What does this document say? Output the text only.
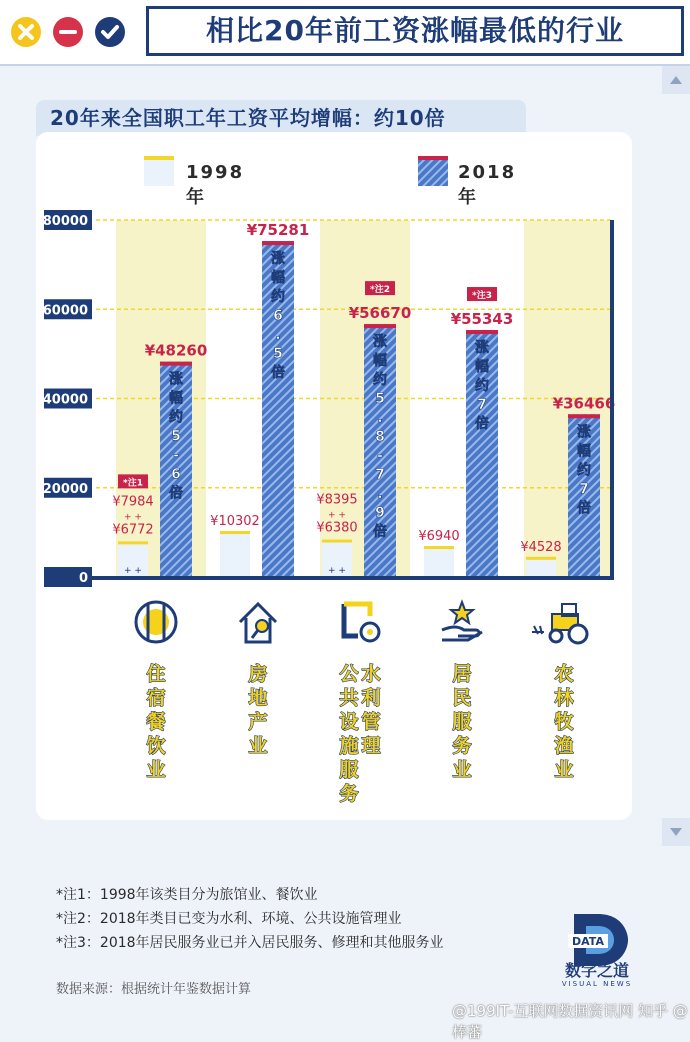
相比20年前工资涨幅最低的行业
20年来全国职工年工资平均增幅：约10倍
1998年
2018年
¥48260
涨
幅
约
5
-
6
倍
*注1
¥7984
+ +
¥6772
+ +
住
宿
餐
饮
业
¥75281
涨
幅
约
6
.
5
倍
¥10302
房
地
产
业
¥56670
涨
幅
约
5
.
8
-
7
.
9
倍
*注2
¥8395
+ +
¥6380
+ +
公
共
设
施
服
务
水
利
管
理
¥55343
涨
幅
约
7
倍
*注3
¥6940
居
民
服
务
业
¥36466
涨
幅
约
7
倍
¥4528
农
林
牧
渔
业
0
20000
40000
60000
80000
*注1：1998年该类目分为旅馆业、餐饮业
*注2：2018年类目已变为水利、环境、公共设施管理业
*注3：2018年居民服务业已并入居民服务、修理和其他服务业
数据来源：根据统计年鉴数据计算
DATA
数字之道
VISUAL NEWS
@199IT-互联网数据资讯网 知乎 @棒蕃
